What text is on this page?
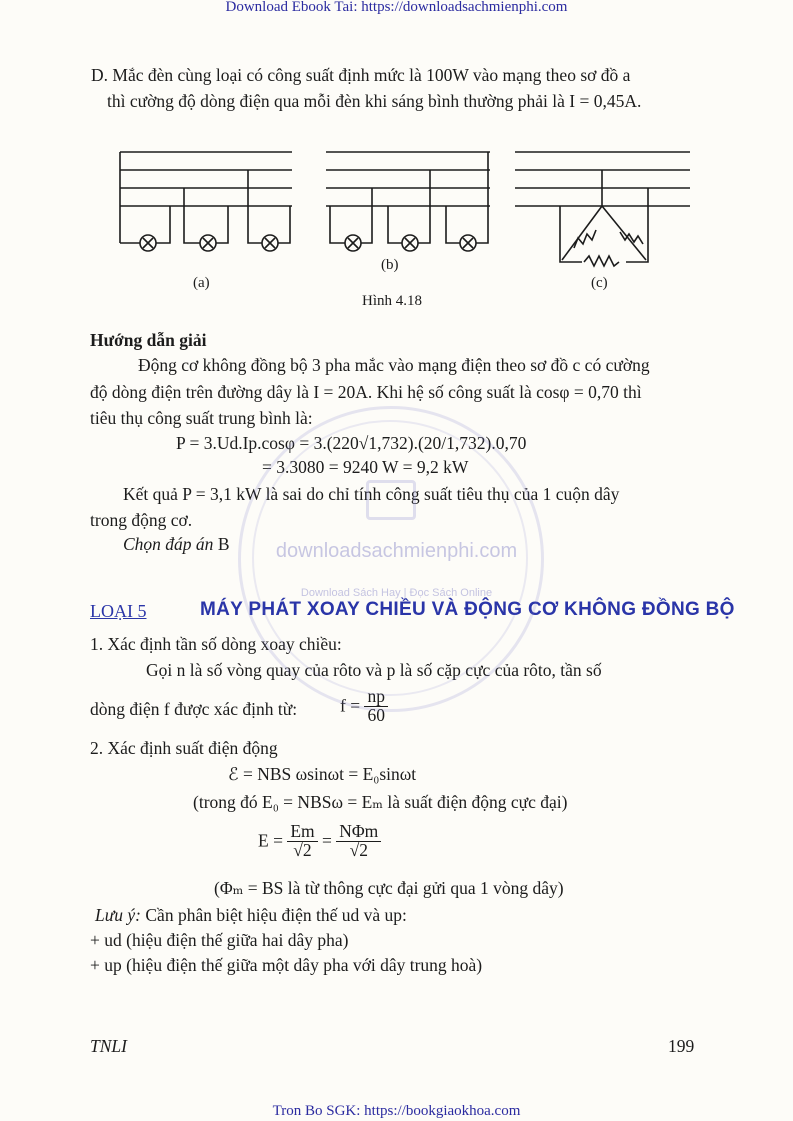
Download Ebook Tai: https://downloadsachmienphi.com
D. Mắc đèn cùng loại có công suất định mức là 100W vào mạng theo sơ đồ a
thì cường độ dòng điện qua mỗi đèn khi sáng bình thường phải là I = 0,45A.
(a)
(b)
(c)
Hình 4.18
Hướng dẫn giải
Động cơ không đồng bộ 3 pha mắc vào mạng điện theo sơ đồ c có cường
độ dòng điện trên đường dây là I = 20A. Khi hệ số công suất là cosφ = 0,70 thì
tiêu thụ công suất trung bình là:
P = 3.Ud.Ip.cosφ = 3.(220√1,732).(20/1,732).0,70
= 3.3080 = 9240 W = 9,2 kW
Kết quả P = 3,1 kW là sai do chỉ tính công suất tiêu thụ của 1 cuộn dây
trong động cơ.
Chọn đáp án B
LOẠI 5	MÁY PHÁT XOAY CHIỀU VÀ ĐỘNG CƠ KHÔNG ĐỒNG BỘ
1. Xác định tần số dòng xoay chiều:
Gọi n là số vòng quay của rôto và p là số cặp cực của rôto, tần số
dòng điện f được xác định từ: $f = \frac{np}{60}$
2. Xác định suất điện động
ℰ = NBS ωsinωt = E₀sinωt
(trong đó E₀ = NBSω = Eₘ là suất điện động cực đại)
$E = \frac{Em}{√2} = \frac{\text{NΦm}}{√2}$
(Φₘ = BS là từ thông cực đại gửi qua 1 vòng dây)
Lưu ý: Cần phân biệt hiệu điện thế ud và up:
+ ud (hiệu điện thế giữa hai dây pha)
+ up (hiệu điện thế giữa một dây pha với dây trung hoà)
TNLI	199
Tron Bo SGK: https://bookgiaokhoa.com
downloadsachmienphi.com
Download Sách Hay | Đọc Sách Online
